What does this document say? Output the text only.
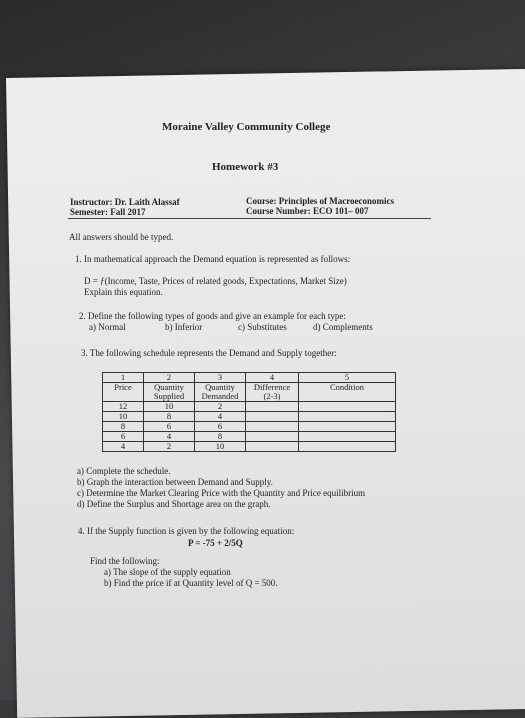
Moraine Valley Community College
Homework #3
Instructor: Dr. Laith Alassaf
Semester: Fall 2017
Course: Principles of Macroeconomics
Course Number: ECO 101– 007
All answers should be typed.
1. In mathematical approach the Demand equation is represented as follows:
D = ƒ(Income, Taste, Prices of related goods, Expectations, Market Size)
Explain this equation.
2. Define the following types of goods and give an example for each type:
a) Normal	b) Inferior	c) Substitutes	d) Complements
3. The following schedule represents the Demand and Supply together:
1	2	3	4	5
Price	Quantity Supplied	Quantity Demanded	Difference (2-3)	Condition
12	10	2		
10	8	4		
8	6	6		
6	4	8		
4	2	10		
a) Complete the schedule.
b) Graph the interaction between Demand and Supply.
c) Determine the Market Clearing Price with the Quantity and Price equilibrium
d) Define the Surplus and Shortage area on the graph.
4. If the Supply function is given by the following equation:
P = -75 + 2/5Q
Find the following:
a) The slope of the supply equation
b) Find the price if at Quantity level of Q = 500.
